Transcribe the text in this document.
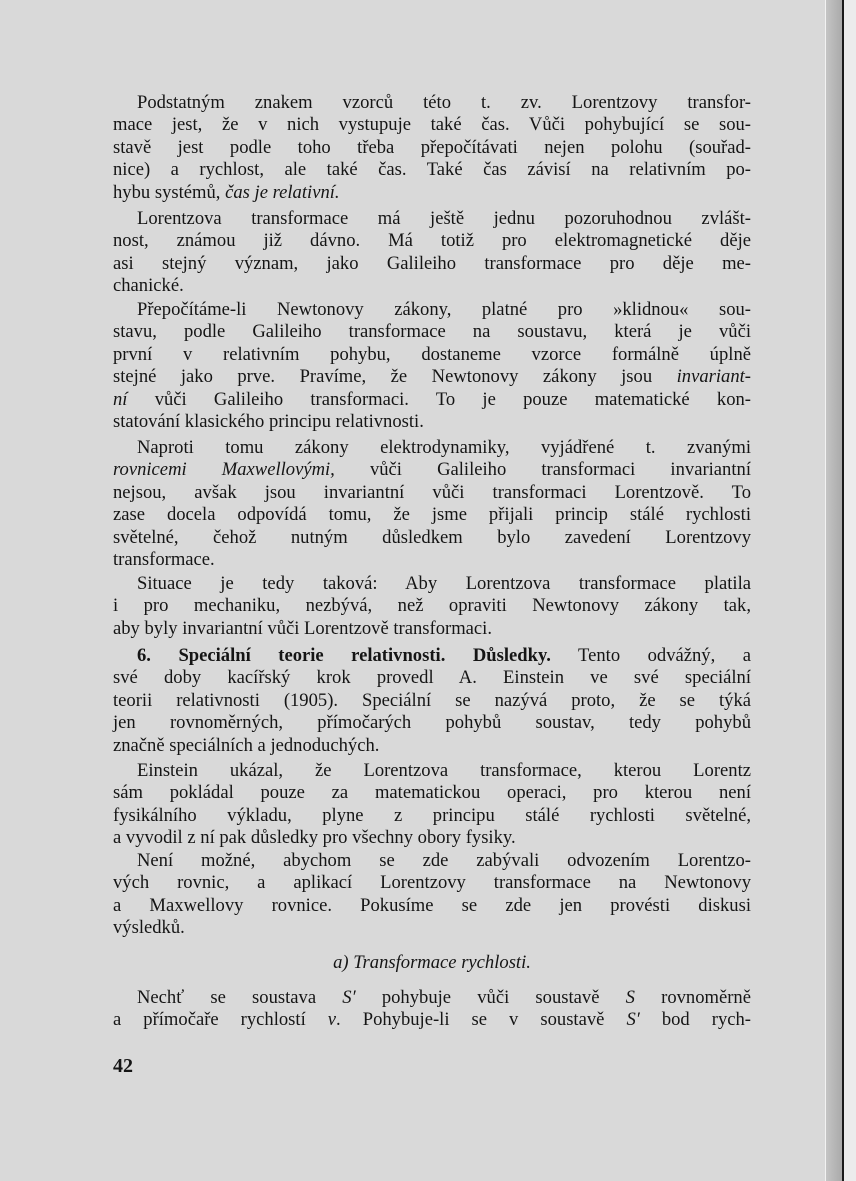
Podstatným znakem vzorců této t. zv. Lorentzovy transfor-
mace jest, že v nich vystupuje také čas. Vůči pohybující se sou-
stavě jest podle toho třeba přepočítávati nejen polohu (souřad-
nice) a rychlost, ale také čas. Také čas závisí na relativním po-
hybu systémů, čas je relativní.
Lorentzova transformace má ještě jednu pozoruhodnou zvlášt-
nost, známou již dávno. Má totiž pro elektromagnetické děje
asi stejný význam, jako Galileiho transformace pro děje me-
chanické.
Přepočítáme-li Newtonovy zákony, platné pro »klidnou« sou-
stavu, podle Galileiho transformace na soustavu, která je vůči
první v relativním pohybu, dostaneme vzorce formálně úplně
stejné jako prve. Pravíme, že Newtonovy zákony jsou invariant-
ní vůči Galileiho transformaci. To je pouze matematické kon-
statování klasického principu relativnosti.
Naproti tomu zákony elektrodynamiky, vyjádřené t. zvanými
rovnicemi Maxwellovými, vůči Galileiho transformaci invariantní
nejsou, avšak jsou invariantní vůči transformaci Lorentzově. To
zase docela odpovídá tomu, že jsme přijali princip stálé rychlosti
světelné, čehož nutným důsledkem bylo zavedení Lorentzovy
transformace.
Situace je tedy taková: Aby Lorentzova transformace platila
i pro mechaniku, nezbývá, než opraviti Newtonovy zákony tak,
aby byly invariantní vůči Lorentzově transformaci.
6. Speciální teorie relativnosti. Důsledky. Tento odvážný, a
své doby kacířský krok provedl A. Einstein ve své speciální
teorii relativnosti (1905). Speciální se nazývá proto, že se týká
jen rovnoměrných, přímočarých pohybů soustav, tedy pohybů
značně speciálních a jednoduchých.
Einstein ukázal, že Lorentzova transformace, kterou Lorentz
sám pokládal pouze za matematickou operaci, pro kterou není
fysikálního výkladu, plyne z principu stálé rychlosti světelné,
a vyvodil z ní pak důsledky pro všechny obory fysiky.
Není možné, abychom se zde zabývali odvozením Lorentzo-
vých rovnic, a aplikací Lorentzovy transformace na Newtonovy
a Maxwellovy rovnice. Pokusíme se zde jen provésti diskusi
výsledků.
Nechť se soustava S′ pohybuje vůči soustavě S rovnoměrně
a přímočaře rychlostí v. Pohybuje-li se v soustavě S′ bod rych-
a) Transformace rychlosti.
42
